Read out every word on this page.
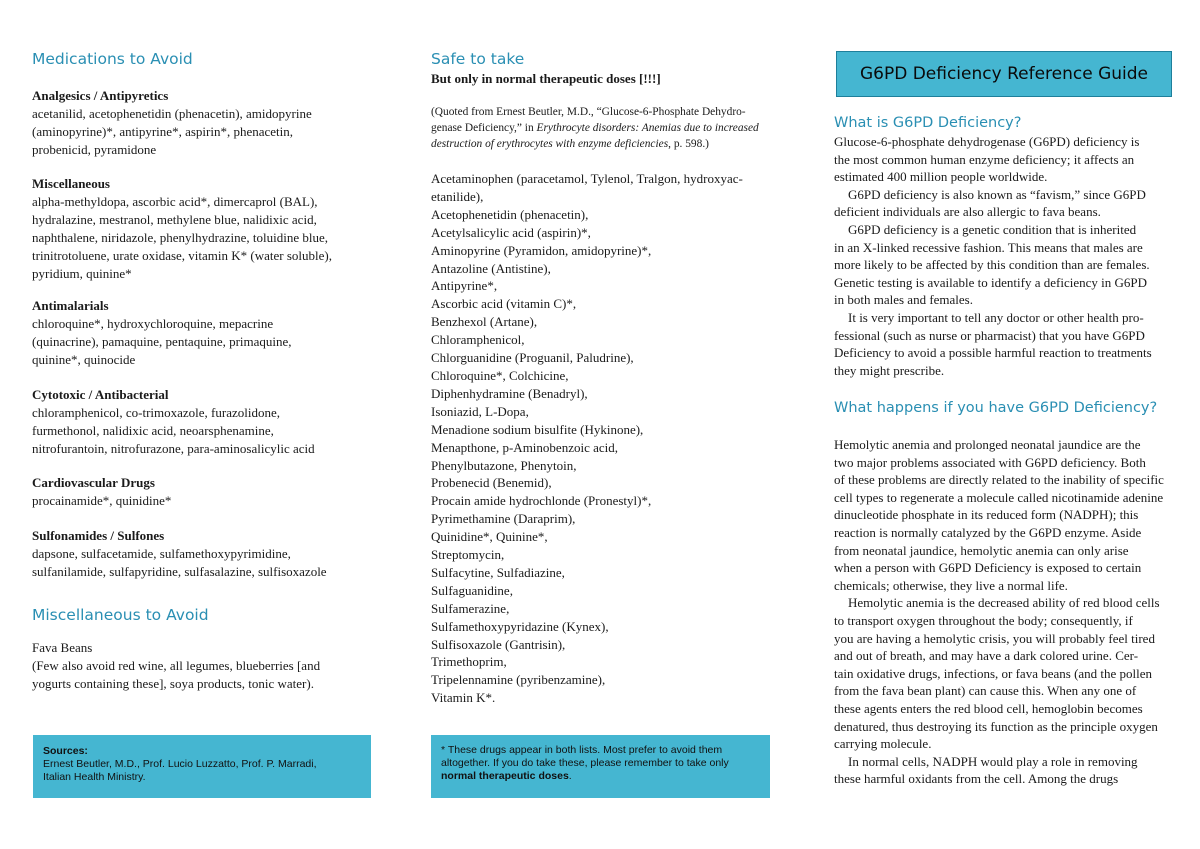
Medications to Avoid

Analgesics / Antipyretics

acetanilid, acetophenetidin (phenacetin), amidopyrine

(aminopyrine)*, antipyrine*, aspirin*, phenacetin,

probenicid, pyramidone

Miscellaneous

alpha-methyldopa, ascorbic acid*, dimercaprol (BAL),

hydralazine, mestranol, methylene blue, nalidixic acid,

naphthalene, niridazole, phenylhydrazine, toluidine blue,

trinitrotoluene, urate oxidase, vitamin K* (water soluble),

pyridium, quinine*

Antimalarials

chloroquine*, hydroxychloroquine, mepacrine

(quinacrine), pamaquine, pentaquine, primaquine,

quinine*, quinocide

Cytotoxic / Antibacterial

chloramphenicol, co-trimoxazole, furazolidone,

furmethonol, nalidixic acid, neoarsphenamine,

nitrofurantoin, nitrofurazone, para-aminosalicylic acid

Cardiovascular Drugs

procainamide*, quinidine*

Sulfonamides / Sulfones

dapsone, sulfacetamide, sulfamethoxypyrimidine,

sulfanilamide, sulfapyridine, sulfasalazine, sulfisoxazole

Miscellaneous to Avoid

Fava Beans

(Few also avoid red wine, all legumes, blueberries [and

yogurts containing these], soya products, tonic water).

Sources:
Ernest Beutler, M.D., Prof. Lucio Luzzatto, Prof. P. Marradi,
Italian Health Ministry.
Safe to take
But only in normal therapeutic doses [!!!]
(Quoted from Ernest Beutler, M.D., “Glucose-6-Phosphate Dehydro-
genase Deficiency,” in Erythrocyte disorders: Anemias due to increased
destruction of erythrocytes with enzyme deficiencies, p. 598.)
Acetaminophen (paracetamol, Tylenol, Tralgon, hydroxyac-
etanilide),
Acetophenetidin (phenacetin),
Acetylsalicylic acid (aspirin)*,
Aminopyrine (Pyramidon, amidopyrine)*,
Antazoline (Antistine),
Antipyrine*,
Ascorbic acid (vitamin C)*,
Benzhexol (Artane),
Chloramphenicol,
Chlorguanidine (Proguanil, Paludrine),
Chloroquine*, Colchicine,
Diphenhydramine (Benadryl),
Isoniazid, L-Dopa,
Menadione sodium bisulfite (Hykinone),
Menapthone, p-Aminobenzoic acid,
Phenylbutazone, Phenytoin,
Probenecid (Benemid),
Procain amide hydrochlonde (Pronestyl)*,
Pyrimethamine (Daraprim),
Quinidine*, Quinine*,
Streptomycin,
Sulfacytine, Sulfadiazine,
Sulfaguanidine,
Sulfamerazine,
Sulfamethoxypyridazine (Kynex),
Sulfisoxazole (Gantrisin),
Trimethoprim,
Tripelennamine (pyribenzamine),
Vitamin K*.
* These drugs appear in both lists. Most prefer to avoid them
altogether. If you do take these, please remember to take only
normal therapeutic doses.
G6PD Deficiency Reference Guide
What is G6PD Deficiency?

Glucose-6-phosphate dehydrogenase (G6PD) deficiency is

the most common human enzyme deficiency; it affects an

estimated 400 million people worldwide.

G6PD deficiency is also known as “favism,” since G6PD

deficient individuals are also allergic to fava beans.

G6PD deficiency is a genetic condition that is inherited

in an X-linked recessive fashion. This means that males are

more likely to be affected by this condition than are females.

Genetic testing is available to identify a deficiency in G6PD

in both males and females.

It is very important to tell any doctor or other health pro-

fessional (such as nurse or pharmacist) that you have G6PD

Deficiency to avoid a possible harmful reaction to treatments

they might prescribe.

What happens if you have G6PD Deficiency?

Hemolytic anemia and prolonged neonatal jaundice are the

two major problems associated with G6PD deficiency. Both

of these problems are directly related to the inability of specific

cell types to regenerate a molecule called nicotinamide adenine

dinucleotide phosphate in its reduced form (NADPH); this

reaction is normally catalyzed by the G6PD enzyme. Aside

from neonatal jaundice, hemolytic anemia can only arise

when a person with G6PD Deficiency is exposed to certain

chemicals; otherwise, they live a normal life.

Hemolytic anemia is the decreased ability of red blood cells

to transport oxygen throughout the body; consequently, if

you are having a hemolytic crisis, you will probably feel tired

and out of breath, and may have a dark colored urine. Cer-

tain oxidative drugs, infections, or fava beans (and the pollen

from the fava bean plant) can cause this. When any one of

these agents enters the red blood cell, hemoglobin becomes

denatured, thus destroying its function as the principle oxygen

carrying molecule.

In normal cells, NADPH would play a role in removing

these harmful oxidants from the cell. Among the drugs
